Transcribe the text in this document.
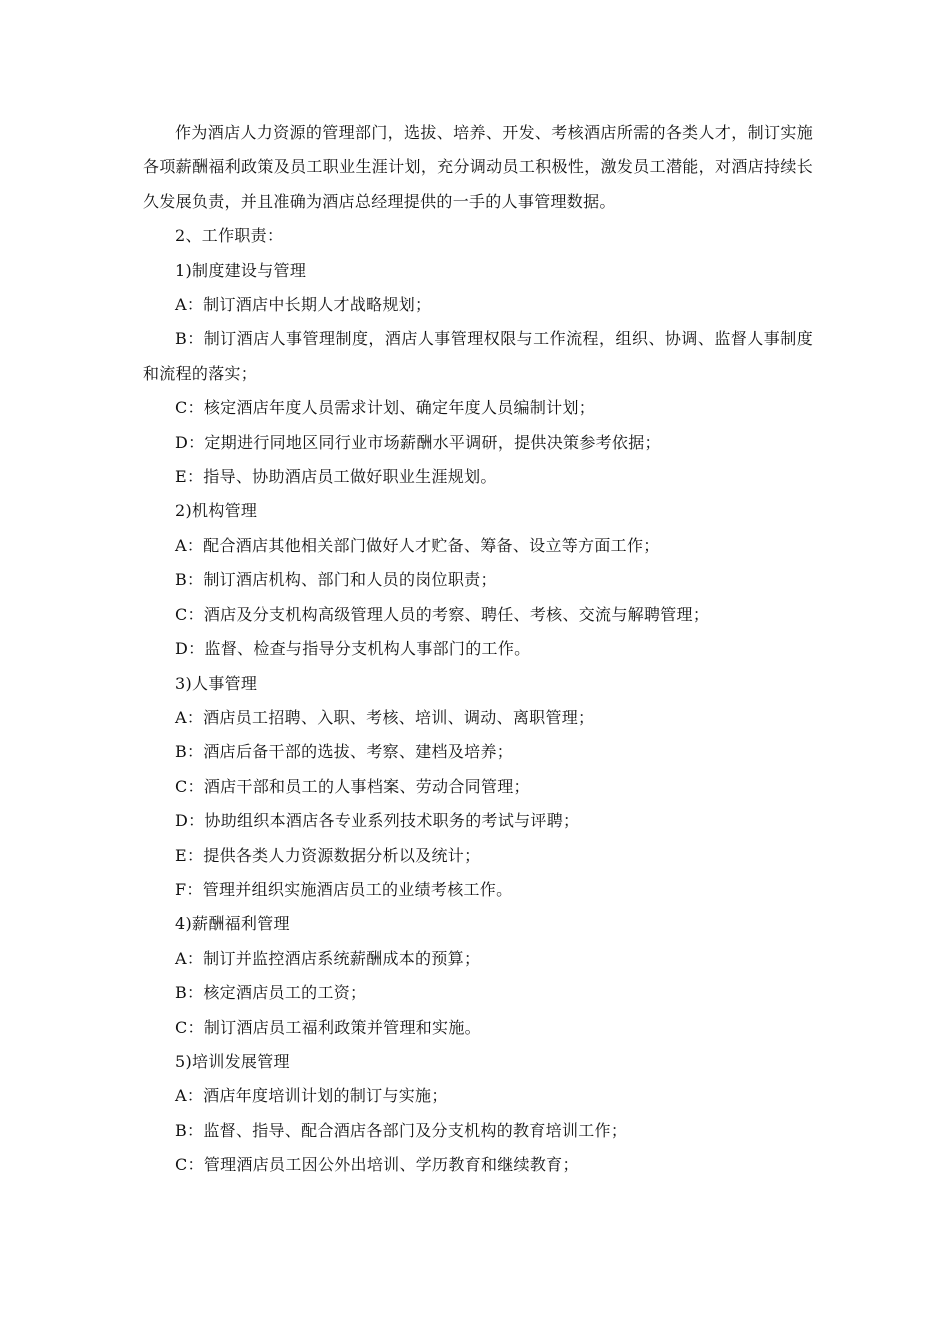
作为酒店人力资源的管理部门，选拔、培养、开发、考核酒店所需的各类人才，制订实施各项薪酬福利政策及员工职业生涯计划，充分调动员工积极性，激发员工潜能，对酒店持续长久发展负责，并且准确为酒店总经理提供的一手的人事管理数据。

2、工作职责：

1)制度建设与管理

A：制订酒店中长期人才战略规划；

B：制订酒店人事管理制度，酒店人事管理权限与工作流程，组织、协调、监督人事制度和流程的落实；

C：核定酒店年度人员需求计划、确定年度人员编制计划；

D：定期进行同地区同行业市场薪酬水平调研，提供决策参考依据；

E：指导、协助酒店员工做好职业生涯规划。

2)机构管理

A：配合酒店其他相关部门做好人才贮备、筹备、设立等方面工作；

B：制订酒店机构、部门和人员的岗位职责；

C：酒店及分支机构高级管理人员的考察、聘任、考核、交流与解聘管理；

D：监督、检查与指导分支机构人事部门的工作。

3)人事管理

A：酒店员工招聘、入职、考核、培训、调动、离职管理；

B：酒店后备干部的选拔、考察、建档及培养；

C：酒店干部和员工的人事档案、劳动合同管理；

D：协助组织本酒店各专业系列技术职务的考试与评聘；

E：提供各类人力资源数据分析以及统计；

F：管理并组织实施酒店员工的业绩考核工作。

4)薪酬福利管理

A：制订并监控酒店系统薪酬成本的预算；

B：核定酒店员工的工资；

C：制订酒店员工福利政策并管理和实施。

5)培训发展管理

A：酒店年度培训计划的制订与实施；

B：监督、指导、配合酒店各部门及分支机构的教育培训工作；

C：管理酒店员工因公外出培训、学历教育和继续教育；
